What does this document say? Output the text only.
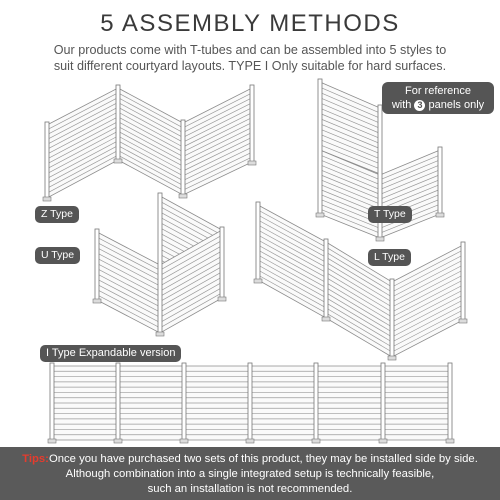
5 ASSEMBLY METHODS
Our products come with T-tubes and can be assembled into 5 styles to
suit different courtyard layouts. TYPE I Only suitable for hard surfaces.
Z Type	T Type
U Type	L Type
I Type Expandable version
For reference
with 3 panels only
Tips:Once you have purchased two sets of this product, they may be installed side by side.
Although combination into a single integrated setup is technically feasible,
such an installation is not recommended.
